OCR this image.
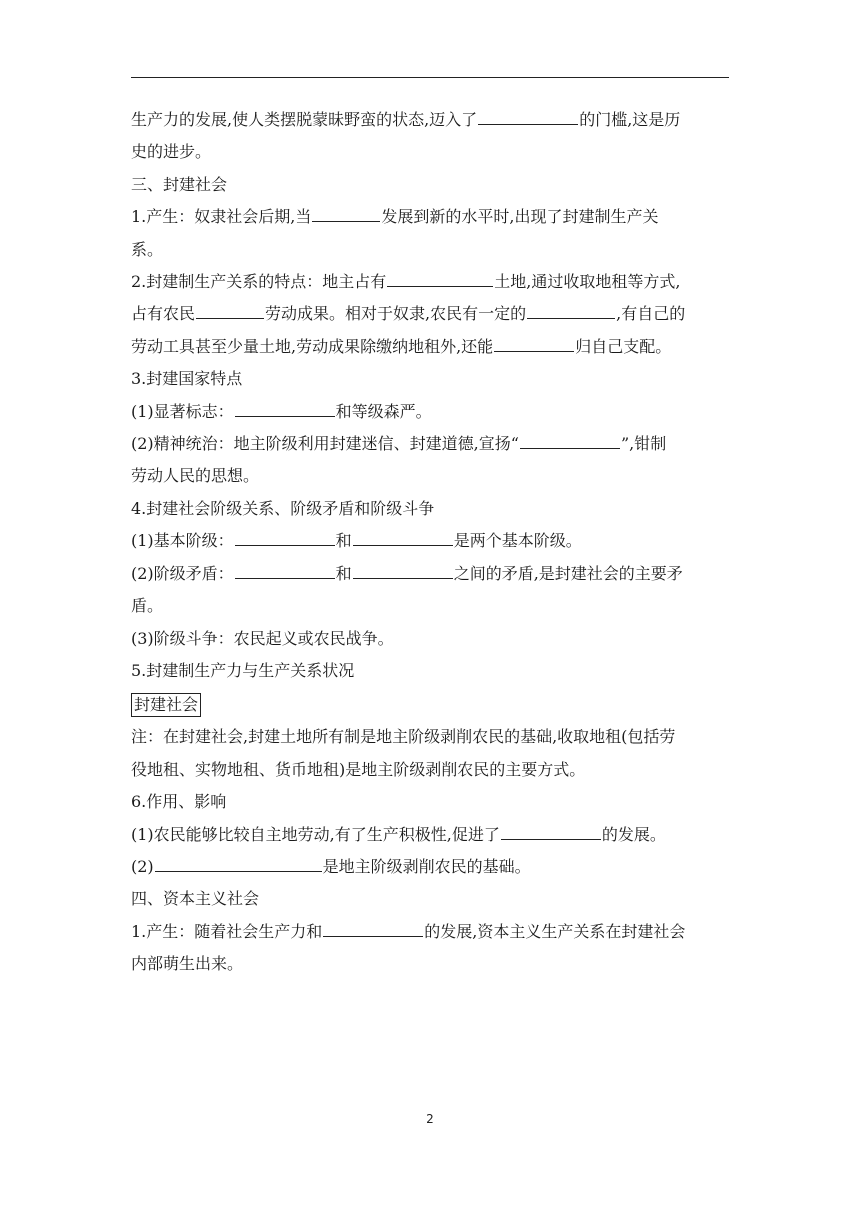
生产力的发展,使人类摆脱蒙昧野蛮的状态,迈入了	的门槛,这是历

史的进步。

三、封建社会

1.产生：奴隶社会后期,当	发展到新的水平时,出现了封建制生产关

系。

2.封建制生产关系的特点：地主占有	土地,通过收取地租等方式,

占有农民	劳动成果。相对于奴隶,农民有一定的	,有自己的

劳动工具甚至少量土地,劳动成果除缴纳地租外,还能	归自己支配。

3.封建国家特点

(1)显著标志：	和等级森严。

(2)精神统治：地主阶级利用封建迷信、封建道德,宣扬“	”,钳制

劳动人民的思想。

4.封建社会阶级关系、阶级矛盾和阶级斗争

(1)基本阶级：	和	是两个基本阶级。

(2)阶级矛盾：	和	之间的矛盾,是封建社会的主要矛

盾。

(3)阶级斗争：农民起义或农民战争。

5.封建制生产力与生产关系状况

封建社会

注：在封建社会,封建土地所有制是地主阶级剥削农民的基础,收取地租(包括劳

役地租、实物地租、货币地租)是地主阶级剥削农民的主要方式。

6.作用、影响

(1)农民能够比较自主地劳动,有了生产积极性,促进了	的发展。

(2)	是地主阶级剥削农民的基础。

四、资本主义社会

1.产生：随着社会生产力和	的发展,资本主义生产关系在封建社会

内部萌生出来。

2
